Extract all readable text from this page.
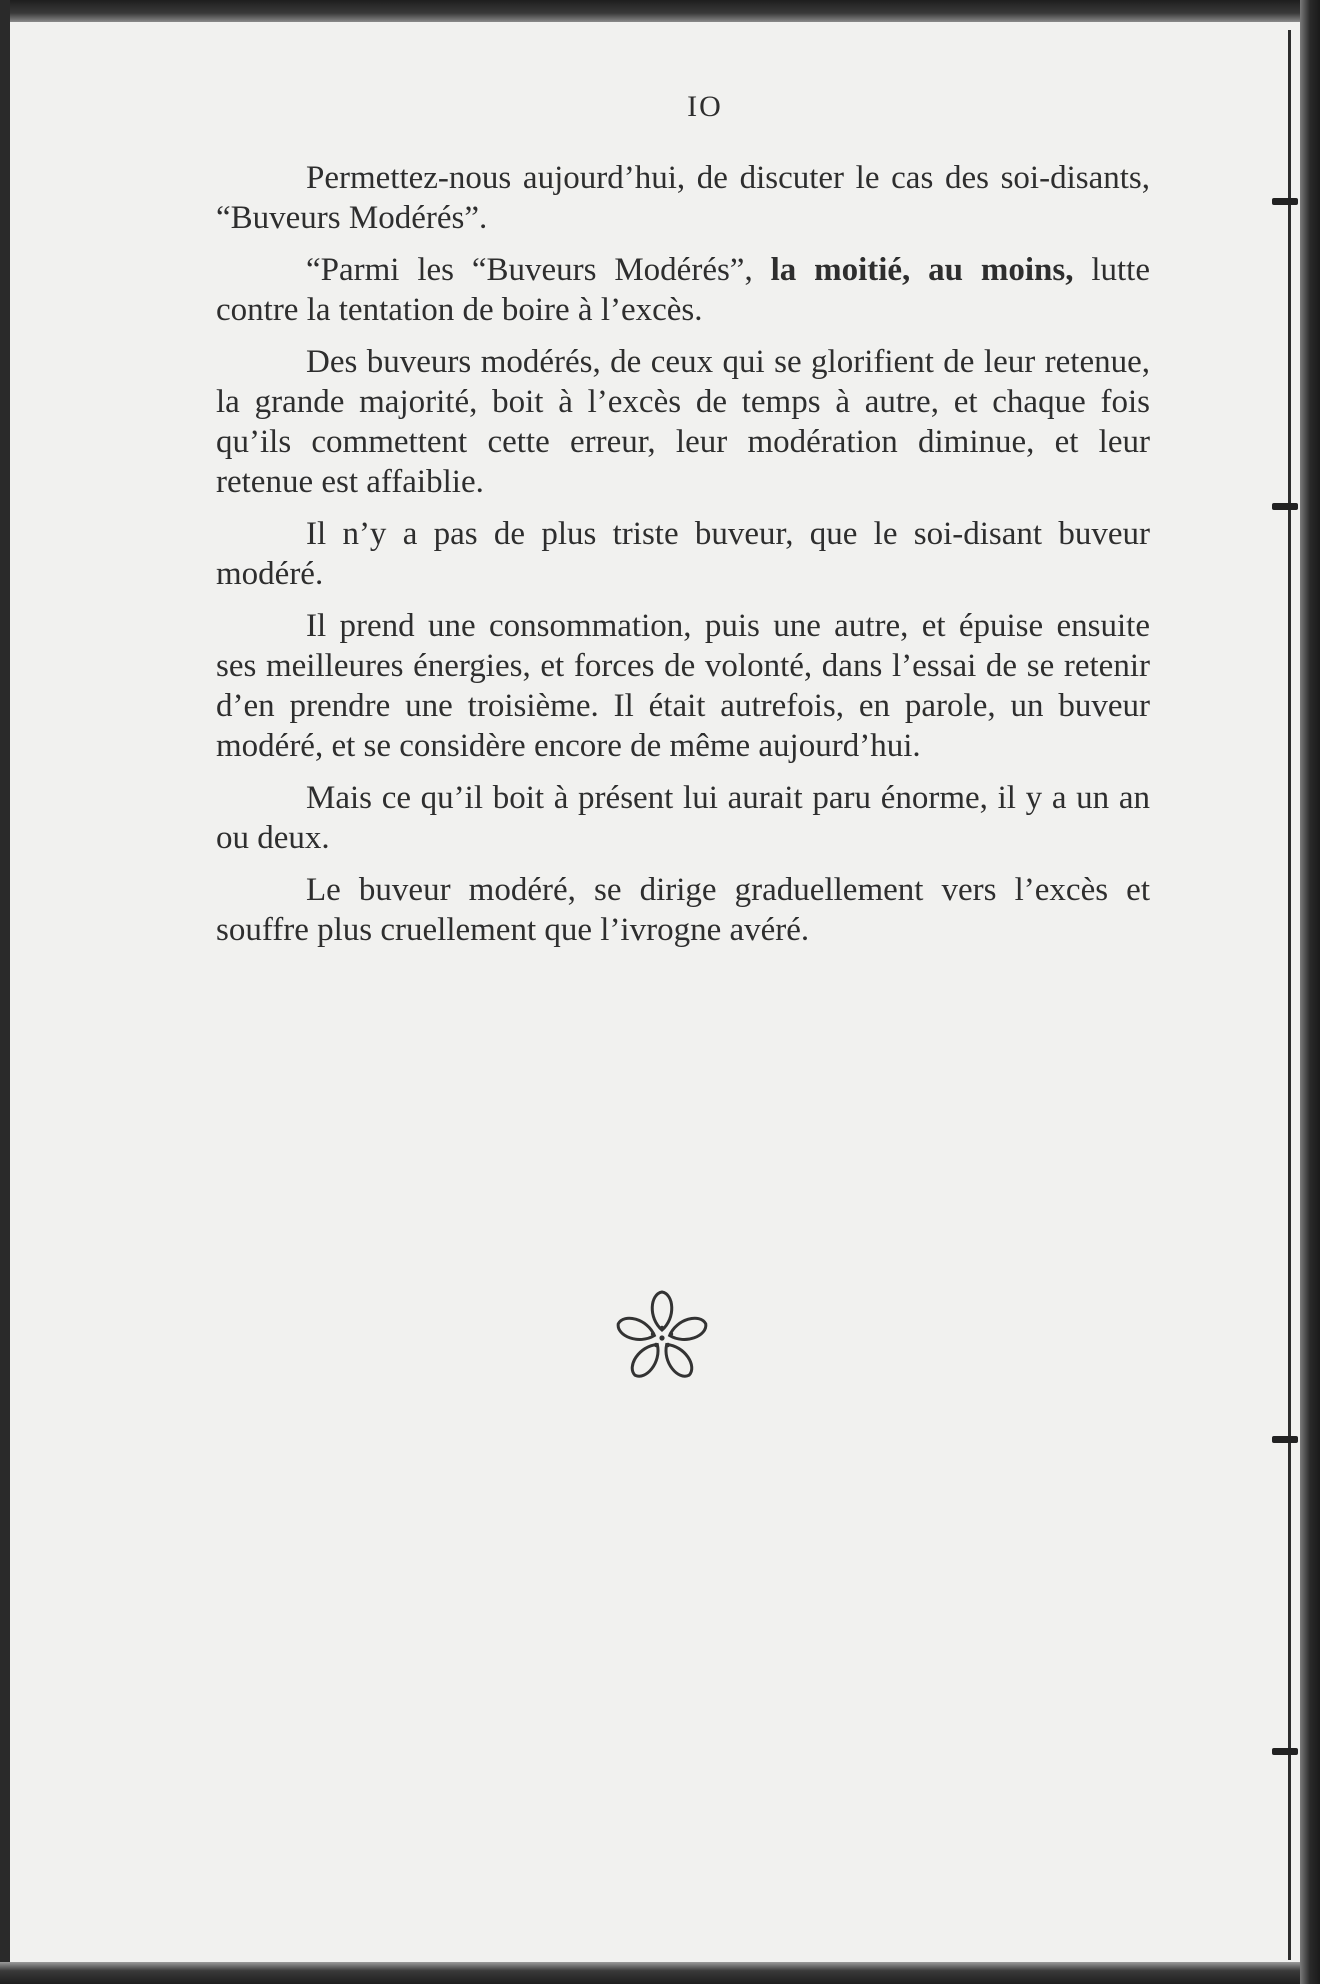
IO

Permettez-nous aujourd’hui, de discuter le cas des soi-disants, “Buveurs Modérés”.

“Parmi les “Buveurs Modérés”, la moitié, au moins, lutte contre la tentation de boire à l’excès.

Des buveurs modérés, de ceux qui se glorifient de leur retenue, la grande majorité, boit à l’excès de temps à autre, et chaque fois qu’ils commettent cette erreur, leur modération diminue, et leur retenue est affaiblie.

Il n’y a pas de plus triste buveur, que le soi-disant buveur modéré.

Il prend une consommation, puis une autre, et épuise ensuite ses meilleures énergies, et forces de volonté, dans l’essai de se retenir d’en prendre une troisième. Il était autrefois, en parole, un buveur modéré, et se considère encore de même aujourd’hui.

Mais ce qu’il boit à présent lui aurait paru énorme, il y a un an ou deux.

Le buveur modéré, se dirige graduellement vers l’excès et souffre plus cruellement que l’ivrogne avéré.
